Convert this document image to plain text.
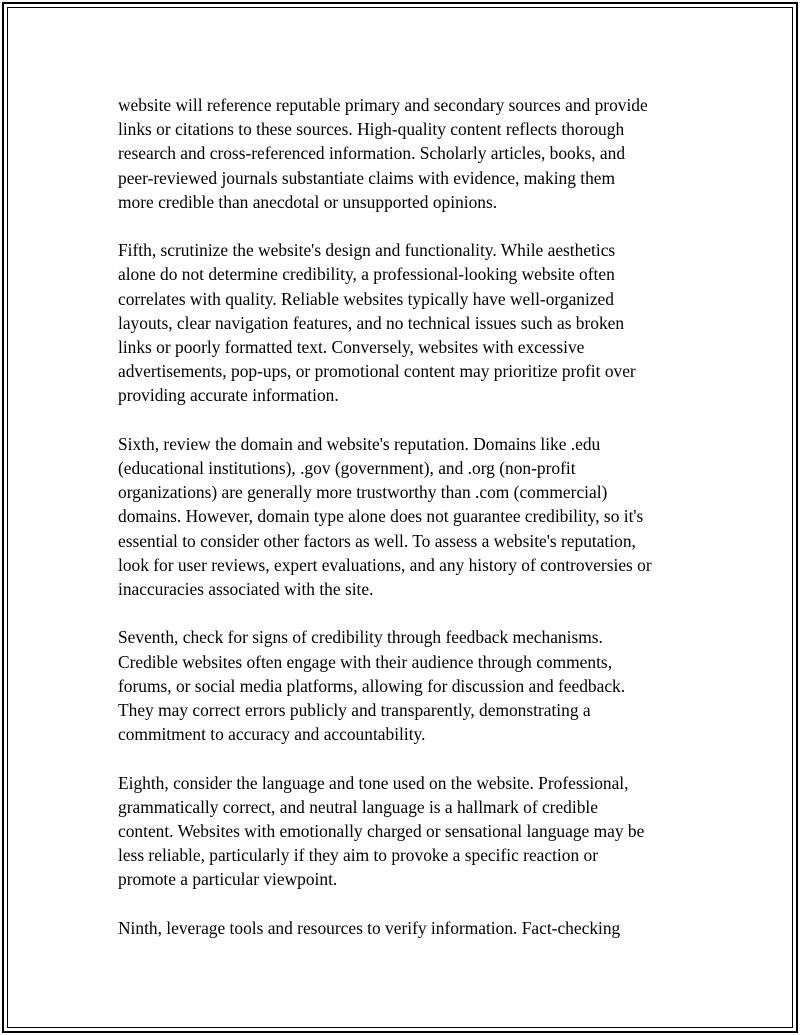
website will reference reputable primary and secondary sources and provide
links or citations to these sources. High-quality content reflects thorough
research and cross-referenced information. Scholarly articles, books, and
peer-reviewed journals substantiate claims with evidence, making them
more credible than anecdotal or unsupported opinions.

Fifth, scrutinize the website's design and functionality. While aesthetics
alone do not determine credibility, a professional-looking website often
correlates with quality. Reliable websites typically have well-organized
layouts, clear navigation features, and no technical issues such as broken
links or poorly formatted text. Conversely, websites with excessive
advertisements, pop-ups, or promotional content may prioritize profit over
providing accurate information.

Sixth, review the domain and website's reputation. Domains like .edu
(educational institutions), .gov (government), and .org (non-profit
organizations) are generally more trustworthy than .com (commercial)
domains. However, domain type alone does not guarantee credibility, so it's
essential to consider other factors as well. To assess a website's reputation,
look for user reviews, expert evaluations, and any history of controversies or
inaccuracies associated with the site.

Seventh, check for signs of credibility through feedback mechanisms.
Credible websites often engage with their audience through comments,
forums, or social media platforms, allowing for discussion and feedback.
They may correct errors publicly and transparently, demonstrating a
commitment to accuracy and accountability.

Eighth, consider the language and tone used on the website. Professional,
grammatically correct, and neutral language is a hallmark of credible
content. Websites with emotionally charged or sensational language may be
less reliable, particularly if they aim to provoke a specific reaction or
promote a particular viewpoint.

Ninth, leverage tools and resources to verify information. Fact-checking
